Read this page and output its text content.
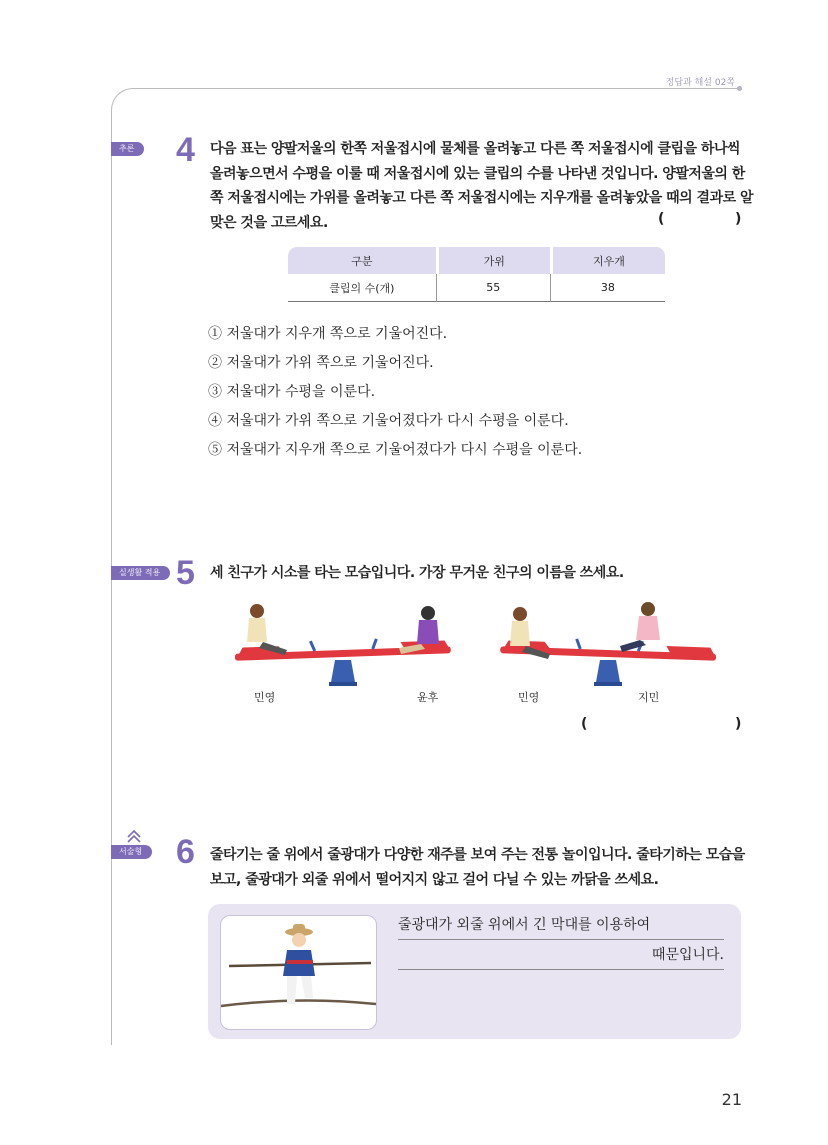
정답과 해설 02쪽
추론 4 다음 표는 양팔저울의 한쪽 저울접시에 물체를 올려놓고 다른 쪽 저울접시에 클립을 하나씩 올려놓으면서 수평을 이룰 때 저울접시에 있는 클립의 수를 나타낸 것입니다. 양팔저울의 한쪽 저울접시에는 가위를 올려놓고 다른 쪽 저울접시에는 지우개를 올려놓았을 때의 결과로 알맞은 것을 고르세요.	(	)
구분	가위	지우개
클립의 수(개)	55	38
① 저울대가 지우개 쪽으로 기울어진다.
② 저울대가 가위 쪽으로 기울어진다.
③ 저울대가 수평을 이룬다.
④ 저울대가 가위 쪽으로 기울어졌다가 다시 수평을 이룬다.
⑤ 저울대가 지우개 쪽으로 기울어졌다가 다시 수평을 이룬다.
실생활 적용 5 세 친구가 시소를 타는 모습입니다. 가장 무거운 친구의 이름을 쓰세요.
민영	윤후	민영	지민
(	)
서술형 6 줄타기는 줄 위에서 줄광대가 다양한 재주를 보여 주는 전통 놀이입니다. 줄타기하는 모습을 보고, 줄광대가 외줄 위에서 떨어지지 않고 걸어 다닐 수 있는 까닭을 쓰세요.
줄광대가 외줄 위에서 긴 막대를 이용하여
때문입니다.
21
